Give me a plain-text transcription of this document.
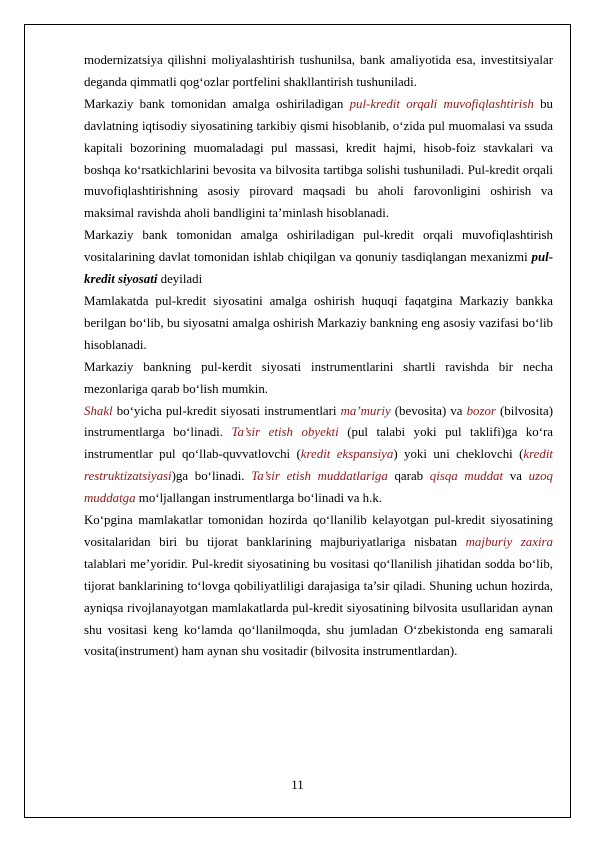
modernizatsiya qilishni moliyalashtirish tushunilsa, bank amaliyotida esa, investitsiyalar deganda qimmatli qog‘ozlar portfelini shakllantirish tushuniladi.

Markaziy bank tomonidan amalga oshiriladigan pul-kredit orqali muvofiqlashtirish bu davlatning iqtisodiy siyosatining tarkibiy qismi hisoblanib, o‘zida pul muomalasi va ssuda kapitali bozorining muomaladagi pul massasi, kredit hajmi, hisob-foiz stavkalari va boshqa ko‘rsatkichlarini bevosita va bilvosita tartibga solishi tushuniladi. Pul-kredit orqali muvofiqlashtirishning asosiy pirovard maqsadi bu aholi farovonligini oshirish va maksimal ravishda aholi bandligini ta’minlash hisoblanadi.

Markaziy bank tomonidan amalga oshiriladigan pul-kredit orqali muvofiqlashtirish vositalarining davlat tomonidan ishlab chiqilgan va qonuniy tasdiqlangan mexanizmi pul-kredit siyosati deyiladi

Mamlakatda pul-kredit siyosatini amalga oshirish huquqi faqatgina Markaziy bankka berilgan bo‘lib, bu siyosatni amalga oshirish Markaziy bankning eng asosiy vazifasi bo‘lib hisoblanadi.

Markaziy bankning pul-kerdit siyosati instrumentlarini shartli ravishda bir necha mezonlariga qarab bo‘lish mumkin.

Shakl bo‘yicha pul-kredit siyosati instrumentlari ma’muriy (bevosita) va bozor (bilvosita) instrumentlarga bo‘linadi. Ta’sir etish obyekti (pul talabi yoki pul taklifi)ga ko‘ra instrumentlar pul qo‘llab-quvvatlovchi (kredit ekspansiya) yoki uni cheklovchi (kredit restruktizatsiyasi)ga bo‘linadi. Ta’sir etish muddatlariga qarab qisqa muddat va uzoq muddatga mo‘ljallangan instrumentlarga bo‘linadi va h.k.

Ko‘pgina mamlakatlar tomonidan hozirda qo‘llanilib kelayotgan pul-kredit siyosatining vositalaridan biri bu tijorat banklarining majburiyatlariga nisbatan majburiy zaxira talablari me’yoridir. Pul-kredit siyosatining bu vositasi qo‘llanilish jihatidan sodda bo‘lib, tijorat banklarining to‘lovga qobiliyatliligi darajasiga ta’sir qiladi. Shuning uchun hozirda, ayniqsa rivojlanayotgan mamlakatlarda pul-kredit siyosatining bilvosita usullaridan aynan shu vositasi keng ko‘lamda qo‘llanilmoqda, shu jumladan O‘zbekistonda eng samarali vosita(instrument) ham aynan shu vositadir (bilvosita instrumentlardan).

11
